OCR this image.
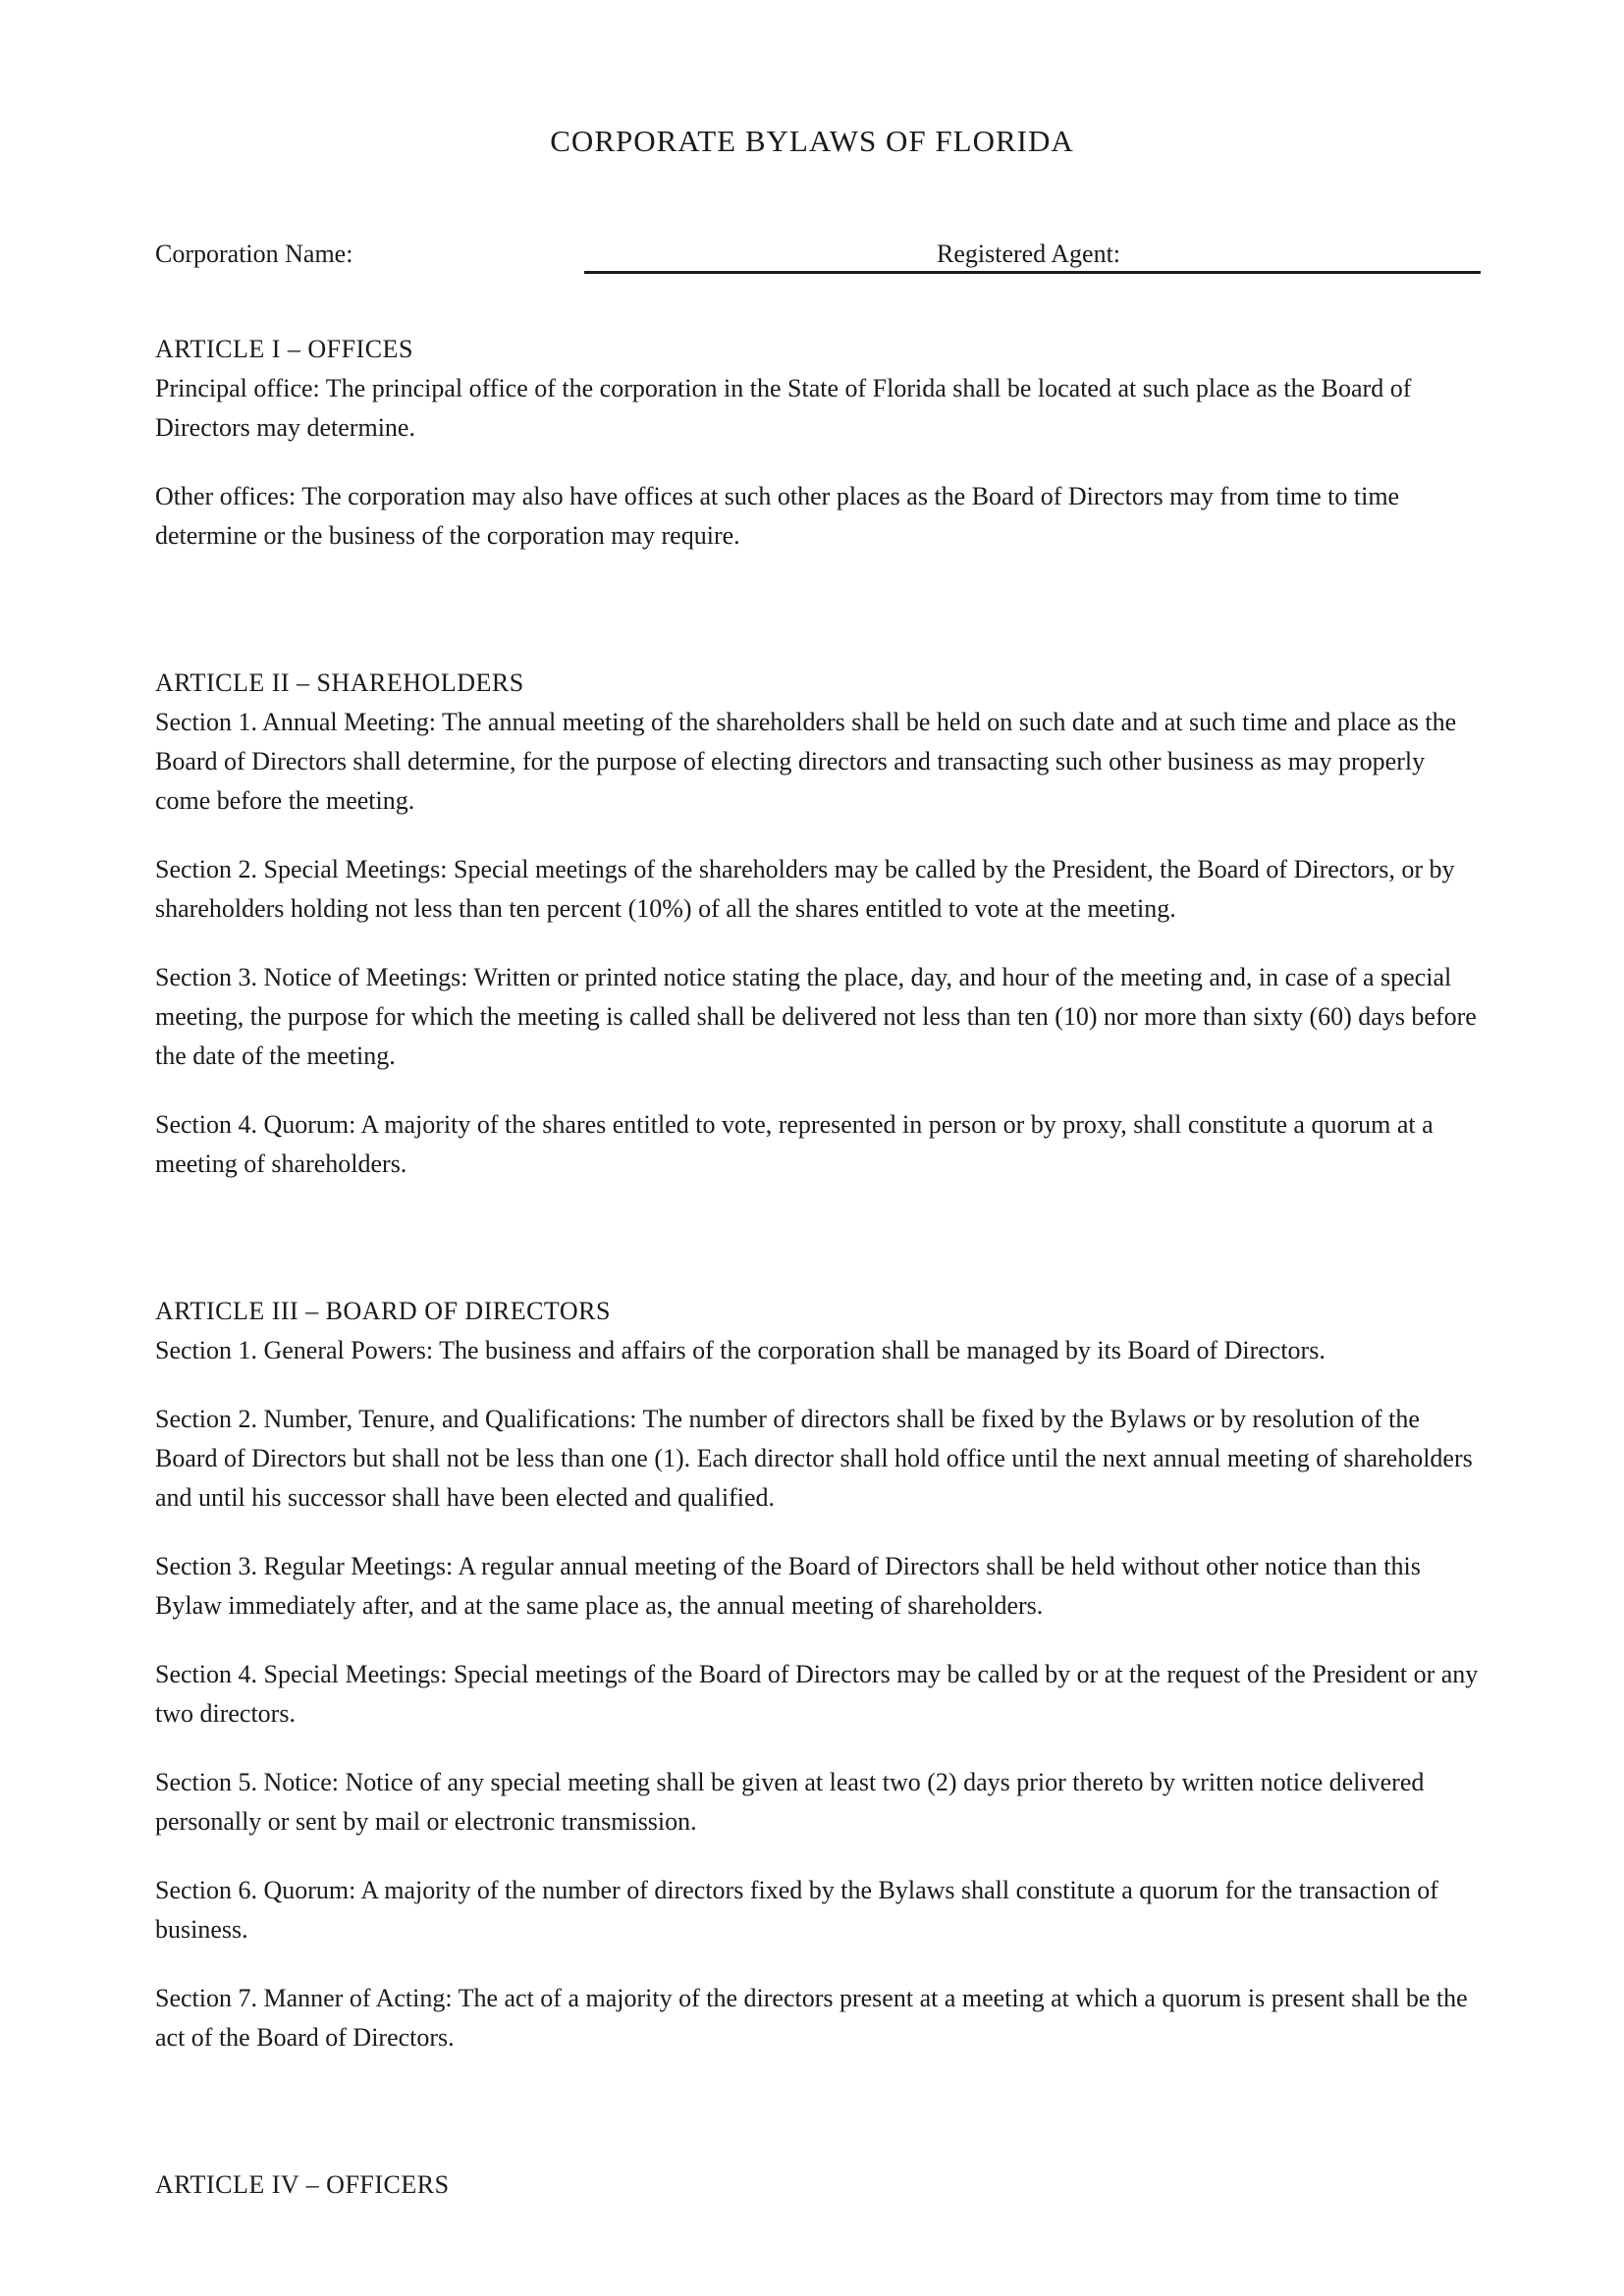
CORPORATE BYLAWS OF FLORIDA
Corporation Name:	Registered Agent:
ARTICLE I – OFFICES

Principal office: The principal office of the corporation in the State of Florida shall be located at such place as the Board of Directors may determine.

Other offices: The corporation may also have offices at such other places as the Board of Directors may from time to time determine or the business of the corporation may require.

ARTICLE II – SHAREHOLDERS

Section 1. Annual Meeting: The annual meeting of the shareholders shall be held on such date and at such time and place as the Board of Directors shall determine, for the purpose of electing directors and transacting such other business as may properly come before the meeting.

Section 2. Special Meetings: Special meetings of the shareholders may be called by the President, the Board of Directors, or by shareholders holding not less than ten percent (10%) of all the shares entitled to vote at the meeting.

Section 3. Notice of Meetings: Written or printed notice stating the place, day, and hour of the meeting and, in case of a special meeting, the purpose for which the meeting is called shall be delivered not less than ten (10) nor more than sixty (60) days before the date of the meeting.

Section 4. Quorum: A majority of the shares entitled to vote, represented in person or by proxy, shall constitute a quorum at a meeting of shareholders.

ARTICLE III – BOARD OF DIRECTORS

Section 1. General Powers: The business and affairs of the corporation shall be managed by its Board of Directors.

Section 2. Number, Tenure, and Qualifications: The number of directors shall be fixed by the Bylaws or by resolution of the Board of Directors but shall not be less than one (1). Each director shall hold office until the next annual meeting of shareholders and until his successor shall have been elected and qualified.

Section 3. Regular Meetings: A regular annual meeting of the Board of Directors shall be held without other notice than this Bylaw immediately after, and at the same place as, the annual meeting of shareholders.

Section 4. Special Meetings: Special meetings of the Board of Directors may be called by or at the request of the President or any two directors.

Section 5. Notice: Notice of any special meeting shall be given at least two (2) days prior thereto by written notice delivered personally or sent by mail or electronic transmission.

Section 6. Quorum: A majority of the number of directors fixed by the Bylaws shall constitute a quorum for the transaction of business.

Section 7. Manner of Acting: The act of a majority of the directors present at a meeting at which a quorum is present shall be the act of the Board of Directors.

ARTICLE IV – OFFICERS
